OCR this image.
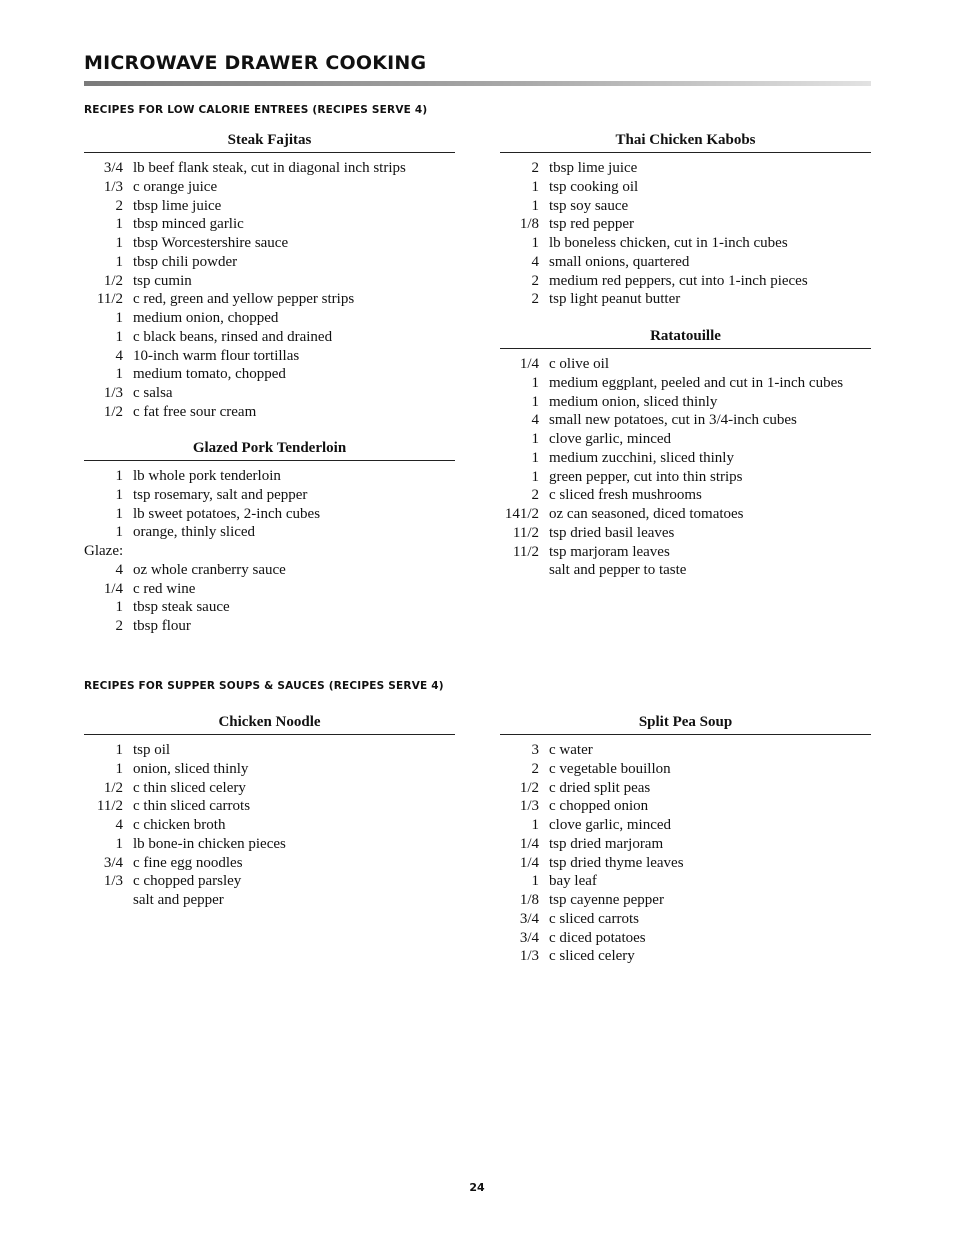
MICROWAVE DRAWER COOKING
RECIPES FOR LOW CALORIE ENTREES (RECIPES SERVE 4)
Steak Fajitas
3/4 lb beef flank steak, cut in diagonal inch strips
1/3 c orange juice
2 tbsp lime juice
1 tbsp minced garlic
1 tbsp Worcestershire sauce
1 tbsp chili powder
1/2 tsp cumin
11/2 c red, green and yellow pepper strips
1 medium onion, chopped
1 c black beans, rinsed and drained
4 10-inch warm flour tortillas
1 medium tomato, chopped
1/3 c salsa
1/2 c fat free sour cream
Glazed Pork Tenderloin
1 lb whole pork tenderloin
1 tsp rosemary, salt and pepper
1 lb sweet potatoes, 2-inch cubes
1 orange, thinly sliced
Glaze:
4 oz whole cranberry sauce
1/4 c red wine
1 tbsp steak sauce
2 tbsp flour
Thai Chicken Kabobs
2 tbsp lime juice
1 tsp cooking oil
1 tsp soy sauce
1/8 tsp red pepper
1 lb boneless chicken, cut in 1-inch cubes
4 small onions, quartered
2 medium red peppers, cut into 1-inch pieces
2 tsp light peanut butter
Ratatouille
1/4 c olive oil
1 medium eggplant, peeled and cut in 1-inch cubes
1 medium onion, sliced thinly
4 small new potatoes, cut in 3/4-inch cubes
1 clove garlic, minced
1 medium zucchini, sliced thinly
1 green pepper, cut into thin strips
2 c sliced fresh mushrooms
141/2 oz can seasoned, diced tomatoes
11/2 tsp dried basil leaves
11/2 tsp marjoram leaves
salt and pepper to taste
RECIPES FOR SUPPER SOUPS & SAUCES (RECIPES SERVE 4)
Chicken Noodle
1 tsp oil
1 onion, sliced thinly
1/2 c thin sliced celery
11/2 c thin sliced carrots
4 c chicken broth
1 lb bone-in chicken pieces
3/4 c fine egg noodles
1/3 c chopped parsley
salt and pepper
Split Pea Soup
3 c water
2 c vegetable bouillon
1/2 c dried split peas
1/3 c chopped onion
1 clove garlic, minced
1/4 tsp dried marjoram
1/4 tsp dried thyme leaves
1 bay leaf
1/8 tsp cayenne pepper
3/4 c sliced carrots
3/4 c diced potatoes
1/3 c sliced celery
24
